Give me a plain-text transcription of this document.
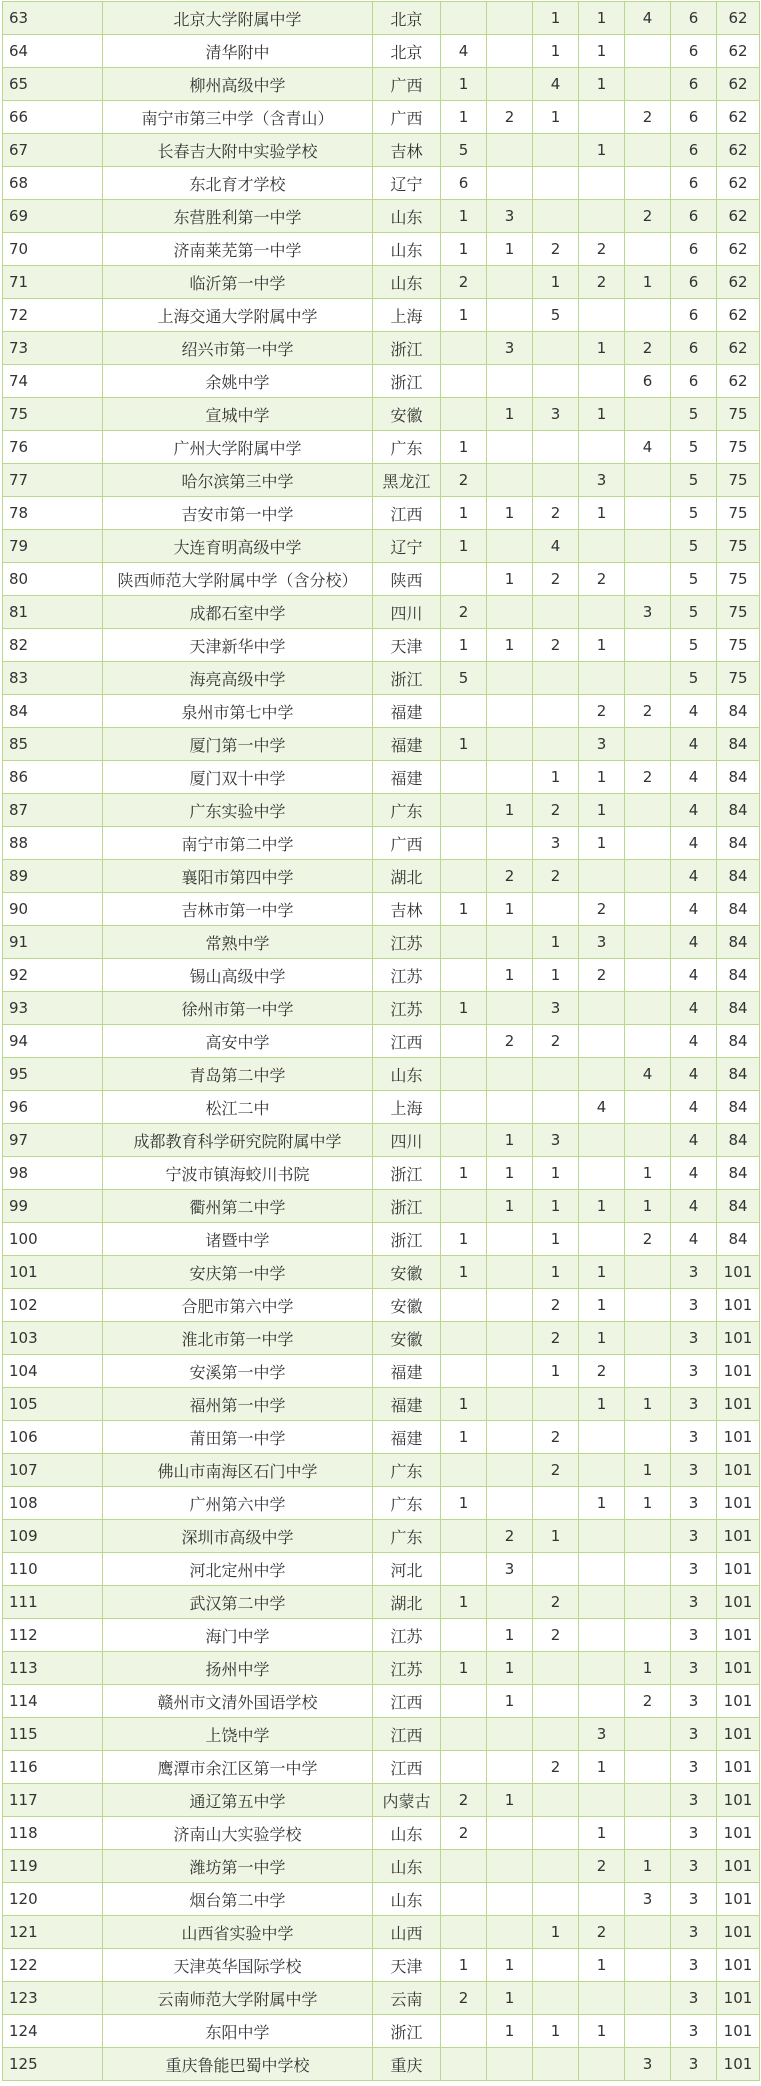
63	北京大学附属中学	北京			1	1	4	6	62
64	清华附中	北京	4		1	1		6	62
65	柳州高级中学	广西	1		4	1		6	62
66	南宁市第三中学（含青山）	广西	1	2	1		2	6	62
67	长春吉大附中实验学校	吉林	5			1		6	62
68	东北育才学校	辽宁	6					6	62
69	东营胜利第一中学	山东	1	3			2	6	62
70	济南莱芜第一中学	山东	1	1	2	2		6	62
71	临沂第一中学	山东	2		1	2	1	6	62
72	上海交通大学附属中学	上海	1		5			6	62
73	绍兴市第一中学	浙江		3		1	2	6	62
74	余姚中学	浙江					6	6	62
75	宣城中学	安徽		1	3	1		5	75
76	广州大学附属中学	广东	1				4	5	75
77	哈尔滨第三中学	黑龙江	2			3		5	75
78	吉安市第一中学	江西	1	1	2	1		5	75
79	大连育明高级中学	辽宁	1		4			5	75
80	陕西师范大学附属中学（含分校）	陕西		1	2	2		5	75
81	成都石室中学	四川	2				3	5	75
82	天津新华中学	天津	1	1	2	1		5	75
83	海亮高级中学	浙江	5					5	75
84	泉州市第七中学	福建				2	2	4	84
85	厦门第一中学	福建	1			3		4	84
86	厦门双十中学	福建			1	1	2	4	84
87	广东实验中学	广东		1	2	1		4	84
88	南宁市第二中学	广西			3	1		4	84
89	襄阳市第四中学	湖北		2	2			4	84
90	吉林市第一中学	吉林	1	1		2		4	84
91	常熟中学	江苏			1	3		4	84
92	锡山高级中学	江苏		1	1	2		4	84
93	徐州市第一中学	江苏	1		3			4	84
94	高安中学	江西		2	2			4	84
95	青岛第二中学	山东					4	4	84
96	松江二中	上海				4		4	84
97	成都教育科学研究院附属中学	四川		1	3			4	84
98	宁波市镇海蛟川书院	浙江	1	1	1		1	4	84
99	衢州第二中学	浙江		1	1	1	1	4	84
100	诸暨中学	浙江	1		1		2	4	84
101	安庆第一中学	安徽	1		1	1		3	101
102	合肥市第六中学	安徽			2	1		3	101
103	淮北市第一中学	安徽			2	1		3	101
104	安溪第一中学	福建			1	2		3	101
105	福州第一中学	福建	1			1	1	3	101
106	莆田第一中学	福建	1		2			3	101
107	佛山市南海区石门中学	广东			2		1	3	101
108	广州第六中学	广东	1			1	1	3	101
109	深圳市高级中学	广东		2	1			3	101
110	河北定州中学	河北		3				3	101
111	武汉第二中学	湖北	1		2			3	101
112	海门中学	江苏		1	2			3	101
113	扬州中学	江苏	1	1			1	3	101
114	赣州市文清外国语学校	江西		1			2	3	101
115	上饶中学	江西				3		3	101
116	鹰潭市余江区第一中学	江西			2	1		3	101
117	通辽第五中学	内蒙古	2	1				3	101
118	济南山大实验学校	山东	2			1		3	101
119	潍坊第一中学	山东				2	1	3	101
120	烟台第二中学	山东					3	3	101
121	山西省实验中学	山西			1	2		3	101
122	天津英华国际学校	天津	1	1		1		3	101
123	云南师范大学附属中学	云南	2	1				3	101
124	东阳中学	浙江		1	1	1		3	101
125	重庆鲁能巴蜀中学校	重庆					3	3	101
